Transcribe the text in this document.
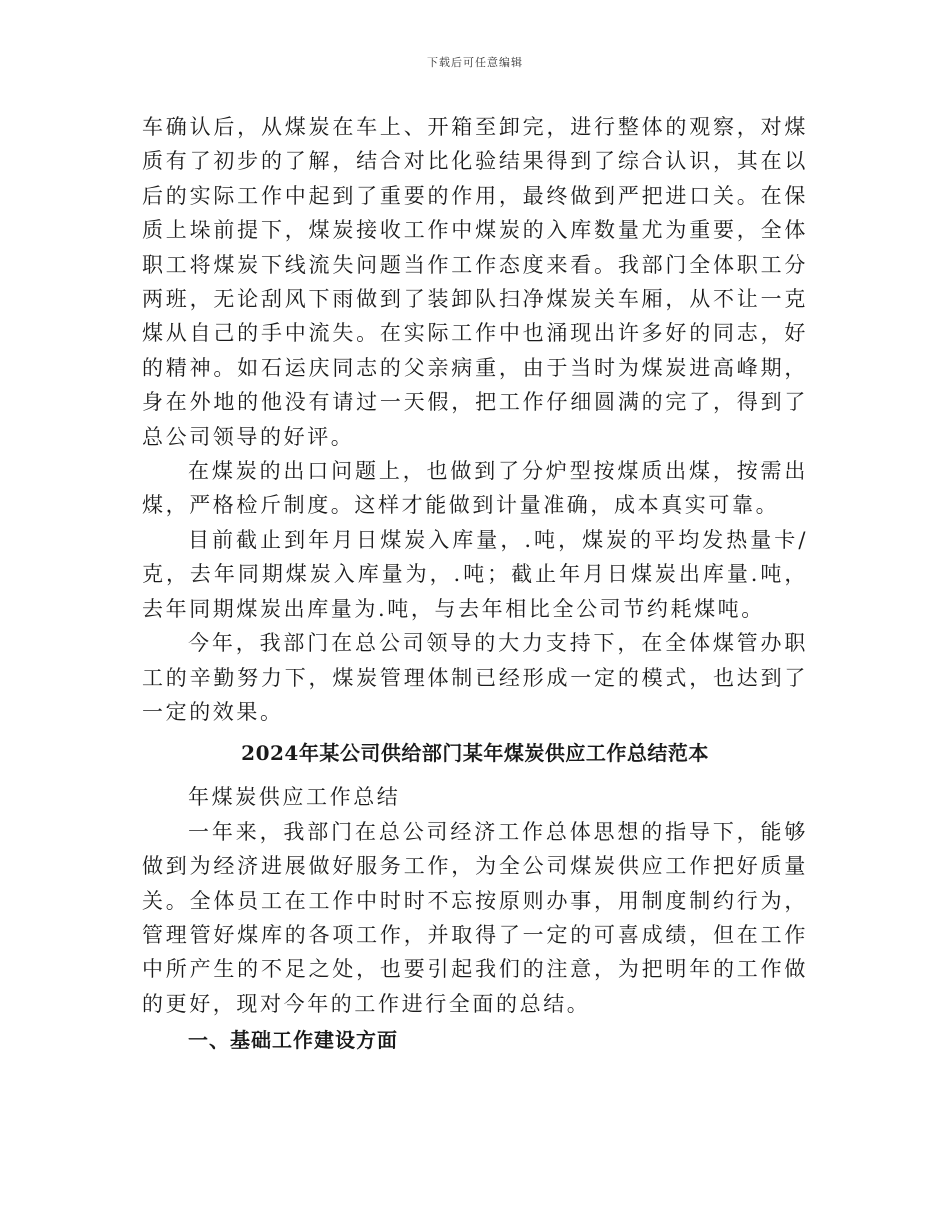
下载后可任意编辑

车确认后，从煤炭在车上、开箱至卸完，进行整体的观察，对煤质有了初步的了解，结合对比化验结果得到了综合认识，其在以后的实际工作中起到了重要的作用，最终做到严把进口关。在保质上垛前提下，煤炭接收工作中煤炭的入库数量尤为重要，全体职工将煤炭下线流失问题当作工作态度来看。我部门全体职工分两班，无论刮风下雨做到了装卸队扫净煤炭关车厢，从不让一克煤从自己的手中流失。在实际工作中也涌现出许多好的同志，好的精神。如石运庆同志的父亲病重，由于当时为煤炭进高峰期，身在外地的他没有请过一天假，把工作仔细圆满的完了，得到了总公司领导的好评。

在煤炭的出口问题上，也做到了分炉型按煤质出煤，按需出煤，严格检斤制度。这样才能做到计量准确，成本真实可靠。

目前截止到年月日煤炭入库量，.吨，煤炭的平均发热量卡/克，去年同期煤炭入库量为，.吨；截止年月日煤炭出库量.吨，去年同期煤炭出库量为.吨，与去年相比全公司节约耗煤吨。

今年，我部门在总公司领导的大力支持下，在全体煤管办职工的辛勤努力下，煤炭管理体制已经形成一定的模式，也达到了一定的效果。

2024年某公司供给部门某年煤炭供应工作总结范本

年煤炭供应工作总结

一年来，我部门在总公司经济工作总体思想的指导下，能够做到为经济进展做好服务工作，为全公司煤炭供应工作把好质量关。全体员工在工作中时时不忘按原则办事，用制度制约行为，管理管好煤库的各项工作，并取得了一定的可喜成绩，但在工作中所产生的不足之处，也要引起我们的注意，为把明年的工作做的更好，现对今年的工作进行全面的总结。

一、基础工作建设方面
